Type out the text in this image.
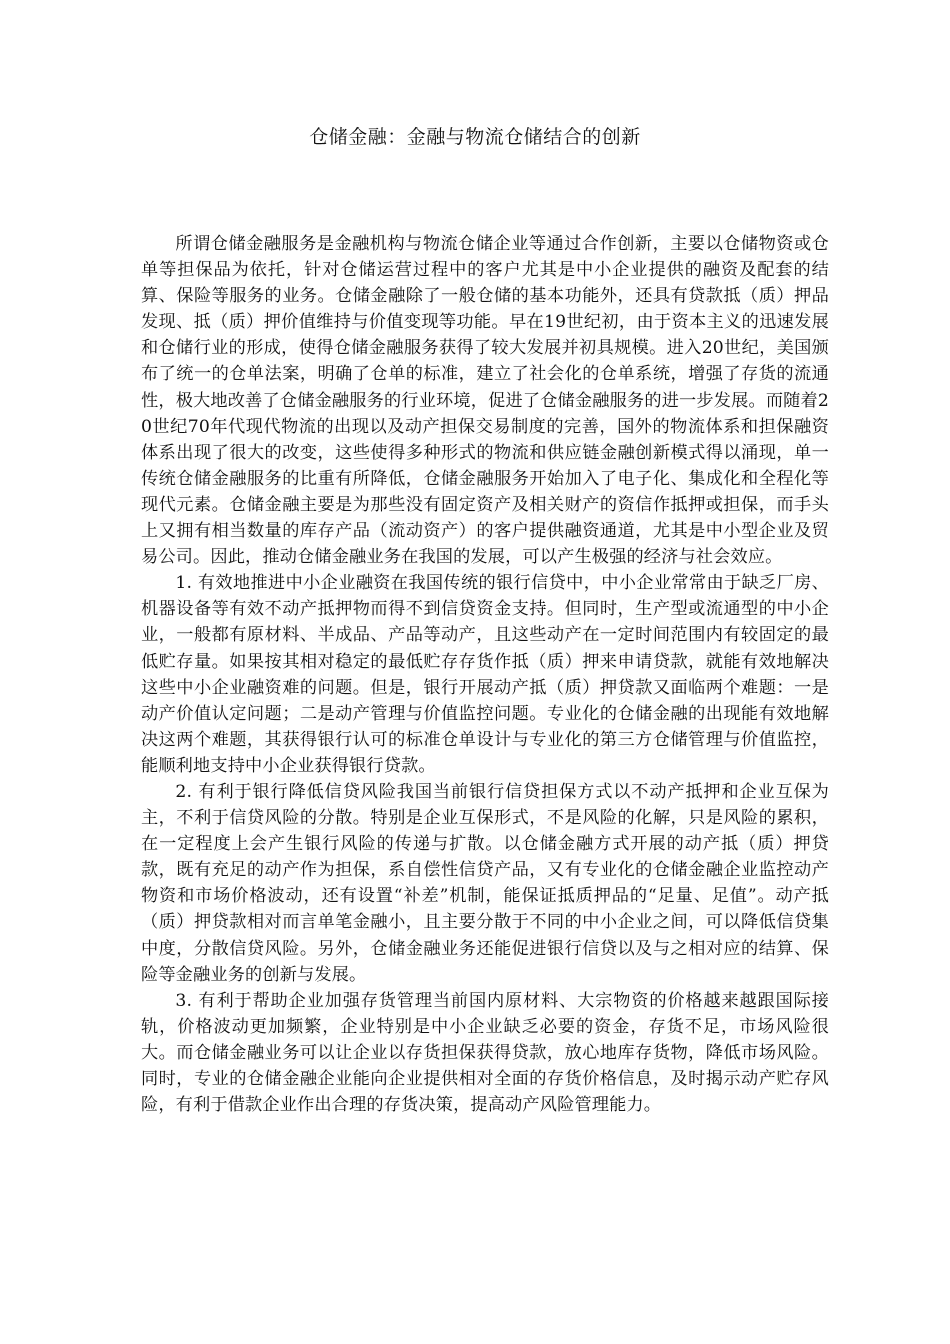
仓储金融：金融与物流仓储结合的创新

所谓仓储金融服务是金融机构与物流仓储企业等通过合作创新，主要以仓储物资或仓单等担保品为依托，针对仓储运营过程中的客户尤其是中小企业提供的融资及配套的结算、保险等服务的业务。仓储金融除了一般仓储的基本功能外，还具有贷款抵（质）押品发现、抵（质）押价值维持与价值变现等功能。早在19世纪初，由于资本主义的迅速发展和仓储行业的形成，使得仓储金融服务获得了较大发展并初具规模。进入20世纪，美国颁布了统一的仓单法案，明确了仓单的标准，建立了社会化的仓单系统，增强了存货的流通性，极大地改善了仓储金融服务的行业环境，促进了仓储金融服务的进一步发展。而随着20世纪70年代现代物流的出现以及动产担保交易制度的完善，国外的物流体系和担保融资体系出现了很大的改变，这些使得多种形式的物流和供应链金融创新模式得以涌现，单一传统仓储金融服务的比重有所降低，仓储金融服务开始加入了电子化、集成化和全程化等现代元素。仓储金融主要是为那些没有固定资产及相关财产的资信作抵押或担保，而手头上又拥有相当数量的库存产品（流动资产）的客户提供融资通道，尤其是中小型企业及贸易公司。因此，推动仓储金融业务在我国的发展，可以产生极强的经济与社会效应。

1. 有效地推进中小企业融资在我国传统的银行信贷中，中小企业常常由于缺乏厂房、机器设备等有效不动产抵押物而得不到信贷资金支持。但同时，生产型或流通型的中小企业，一般都有原材料、半成品、产品等动产，且这些动产在一定时间范围内有较固定的最低贮存量。如果按其相对稳定的最低贮存存货作抵（质）押来申请贷款，就能有效地解决这些中小企业融资难的问题。但是，银行开展动产抵（质）押贷款又面临两个难题：一是动产价值认定问题；二是动产管理与价值监控问题。专业化的仓储金融的出现能有效地解决这两个难题，其获得银行认可的标准仓单设计与专业化的第三方仓储管理与价值监控，能顺利地支持中小企业获得银行贷款。

2. 有利于银行降低信贷风险我国当前银行信贷担保方式以不动产抵押和企业互保为主，不利于信贷风险的分散。特别是企业互保形式，不是风险的化解，只是风险的累积，在一定程度上会产生银行风险的传递与扩散。以仓储金融方式开展的动产抵（质）押贷款，既有充足的动产作为担保，系自偿性信贷产品，又有专业化的仓储金融企业监控动产物资和市场价格波动，还有设置“补差”机制，能保证抵质押品的“足量、足值”。动产抵（质）押贷款相对而言单笔金融小，且主要分散于不同的中小企业之间，可以降低信贷集中度，分散信贷风险。另外，仓储金融业务还能促进银行信贷以及与之相对应的结算、保险等金融业务的创新与发展。

3. 有利于帮助企业加强存货管理当前国内原材料、大宗物资的价格越来越跟国际接轨，价格波动更加频繁，企业特别是中小企业缺乏必要的资金，存货不足，市场风险很大。而仓储金融业务可以让企业以存货担保获得贷款，放心地库存货物，降低市场风险。同时，专业的仓储金融企业能向企业提供相对全面的存货价格信息，及时揭示动产贮存风险，有利于借款企业作出合理的存货决策，提高动产风险管理能力。
